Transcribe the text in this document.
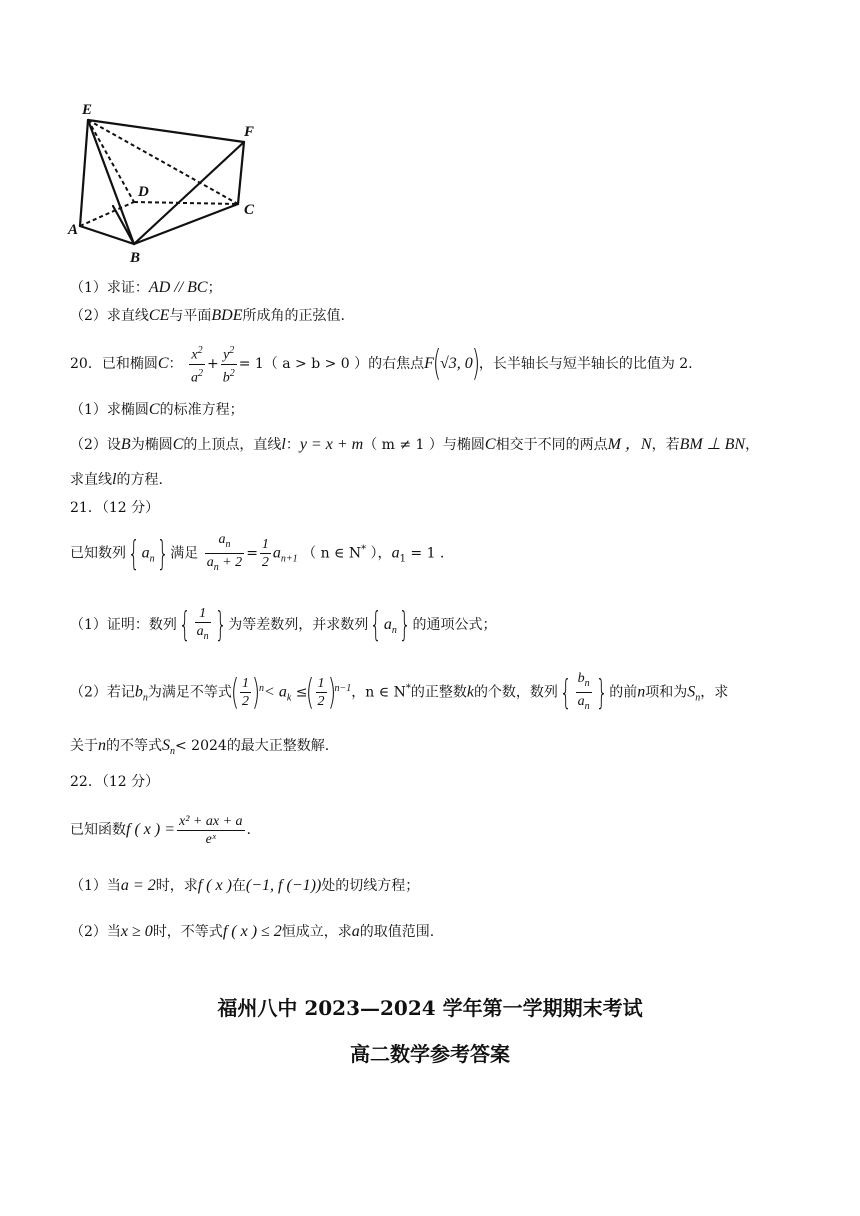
E
F
D
C
A
B
（1）求证：AD // BC；
（2）求直线CE与平面BDE所成角的正弦值.
20．已和椭圆C： $\frac{x^2}{a^2} + \frac{y^2}{b^2} = 1$（ a > b > 0 ）的右焦点F(√3, 0)，长半轴长与短半轴长的比值为 2.
（1）求椭圆C的标准方程；
（2）设B为椭圆C的上顶点，直线l：y = x + m（ m ≠ 1 ）与椭圆C相交于不同的两点M ，N，若BM ⊥ BN，
求直线l的方程.
21．（12 分）
已知数列{ $a_n$} 满足 $\frac{a_n}{a_n + 2} = \frac{1}{2} a_{n+1}$ （ n ∈ N* ），$a_1 = 1$ .
（1）证明：数列{ $\frac{1}{a_n}$ } 为等差数列，并求数列{ $a_n$} 的通项公式；
（2）若记$b_n$为满足不等式( $\frac{1}{2} )^n< a_k$ ≤( $\frac{1}{2} )^{n-1}$，n ∈ N*的正整数k的个数，数列{ $\frac{b_n}{a_n}$ } 的前n项和为$S_n$，求
关于n的不等式$S_n< 2024$的最大正整数解.
22．（12 分）
已知函数f ( x ) = $\frac{\text{x² + ax + a}}{\text{eˣ}}$ .
（1）当a = 2时，求f ( x )在(−1, f (−1))处的切线方程；
（2）当x ≥ 0时，不等式f ( x ) ≤ 2恒成立，求a的取值范围.
福州八中 2023—2024 学年第一学期期末考试
高二数学参考答案
